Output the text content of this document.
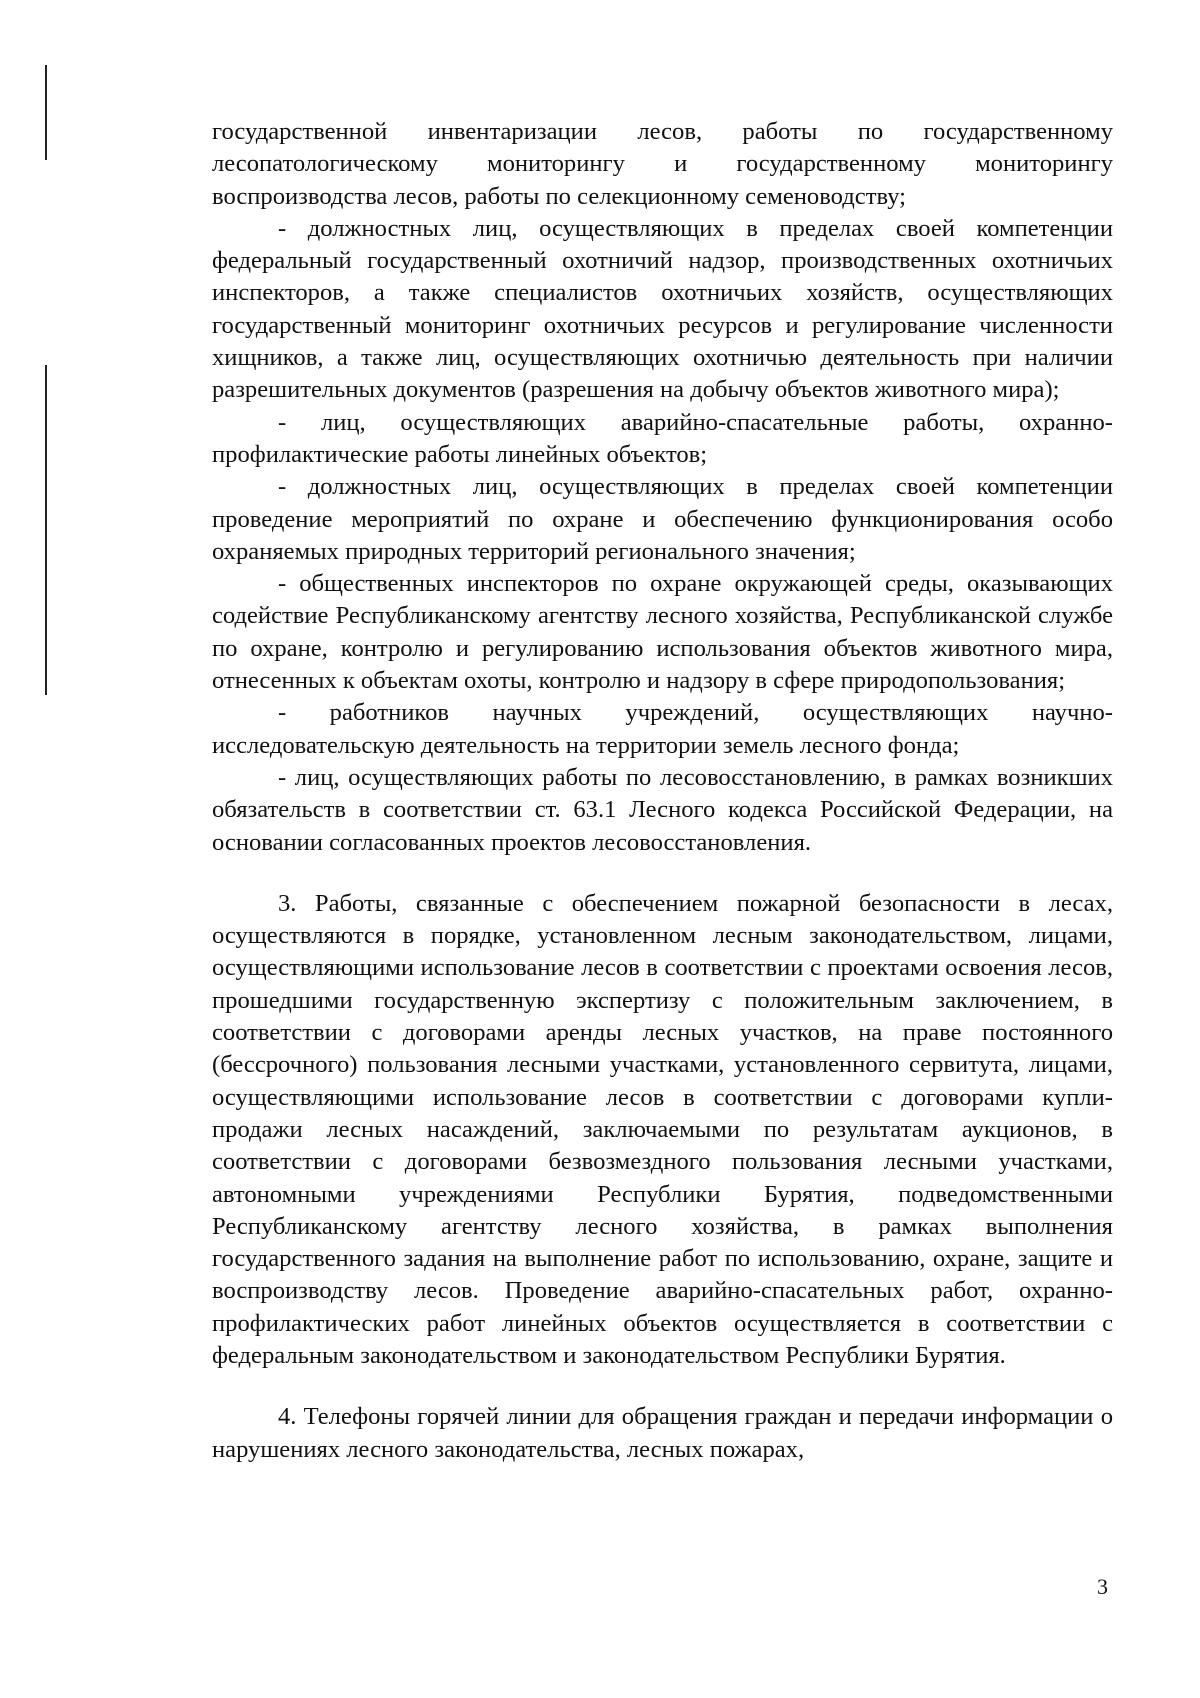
государственной инвентаризации лесов, работы по государственному лесопатологическому мониторингу и государственному мониторингу воспроизводства лесов, работы по селекционному семеноводству;

- должностных лиц, осуществляющих в пределах своей компетенции федеральный государственный охотничий надзор, производственных охотничьих инспекторов, а также специалистов охотничьих хозяйств, осуществляющих государственный мониторинг охотничьих ресурсов и регулирование численности хищников, а также лиц, осуществляющих охотничью деятельность при наличии разрешительных документов (разрешения на добычу объектов животного мира);

- лиц, осуществляющих аварийно-спасательные работы, охранно-профилактические работы линейных объектов;

- должностных лиц, осуществляющих в пределах своей компетенции проведение мероприятий по охране и обеспечению функционирования особо охраняемых природных территорий регионального значения;

- общественных инспекторов по охране окружающей среды, оказывающих содействие Республиканскому агентству лесного хозяйства, Республиканской службе по охране, контролю и регулированию использования объектов животного мира, отнесенных к объектам охоты, контролю и надзору в сфере природопользования;

- работников научных учреждений, осуществляющих научно-исследовательскую деятельность на территории земель лесного фонда;

- лиц, осуществляющих работы по лесовосстановлению, в рамках возникших обязательств в соответствии ст. 63.1 Лесного кодекса Российской Федерации, на основании согласованных проектов лесовосстановления.

3. Работы, связанные с обеспечением пожарной безопасности в лесах, осуществляются в порядке, установленном лесным законодательством, лицами, осуществляющими использование лесов в соответствии с проектами освоения лесов, прошедшими государственную экспертизу с положительным заключением, в соответствии с договорами аренды лесных участков, на праве постоянного (бессрочного) пользования лесными участками, установленного сервитута, лицами, осуществляющими использование лесов в соответствии с договорами купли-продажи лесных насаждений, заключаемыми по результатам аукционов, в соответствии с договорами безвозмездного пользования лесными участками, автономными учреждениями Республики Бурятия, подведомственными Республиканскому агентству лесного хозяйства, в рамках выполнения государственного задания на выполнение работ по использованию, охране, защите и воспроизводству лесов. Проведение аварийно-спасательных работ, охранно-профилактических работ линейных объектов осуществляется в соответствии с федеральным законодательством и законодательством Республики Бурятия.

4. Телефоны горячей линии для обращения граждан и передачи информации о нарушениях лесного законодательства, лесных пожарах,

3
